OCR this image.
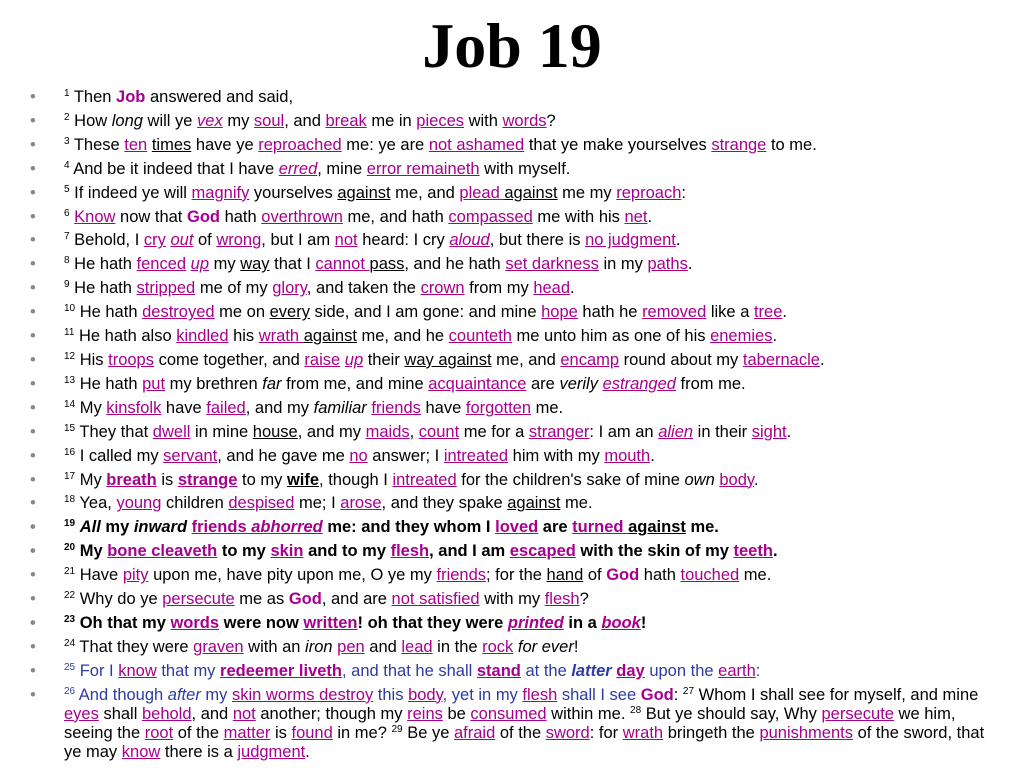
Job 19
•	$^1$ Then Job answered and said,
•	$^2$ How long will ye vex my soul, and break me in pieces with words?
•	$^3$ These ten times have ye reproached me: ye are not ashamed that ye make yourselves strange to me.
•	$^4$ And be it indeed that I have erred, mine error remaineth with myself.
•	$^5$ If indeed ye will magnify yourselves against me, and plead against me my reproach:
•	$^6$ Know now that God hath overthrown me, and hath compassed me with his net.
•	$^7$ Behold, I cry out of wrong, but I am not heard: I cry aloud, but there is no judgment.
•	$^8$ He hath fenced up my way that I cannot pass, and he hath set darkness in my paths.
•	$^9$ He hath stripped me of my glory, and taken the crown from my head.
•	$^{10}$ He hath destroyed me on every side, and I am gone: and mine hope hath he removed like a tree.
•	$^{11}$ He hath also kindled his wrath against me, and he counteth me unto him as one of his enemies.
•	$^{12}$ His troops come together, and raise up their way against me, and encamp round about my tabernacle.
•	$^{13}$ He hath put my brethren far from me, and mine acquaintance are verily estranged from me.
•	$^{14}$ My kinsfolk have failed, and my familiar friends have forgotten me.
•	$^{15}$ They that dwell in mine house, and my maids, count me for a stranger: I am an alien in their sight.
•	$^{16}$ I called my servant, and he gave me no answer; I intreated him with my mouth.
•	$^{17}$ My breath is strange to my wife, though I intreated for the children's sake of mine own body.
•	$^{18}$ Yea, young children despised me; I arose, and they spake against me.
•	$^{19}$ All my inward friends abhorred me: and they whom I loved are turned against me.
•	$^{20}$ My bone cleaveth to my skin and to my flesh, and I am escaped with the skin of my teeth.
•	$^{21}$ Have pity upon me, have pity upon me, O ye my friends; for the hand of God hath touched me.
•	$^{22}$ Why do ye persecute me as God, and are not satisfied with my flesh?
•	$^{23}$ Oh that my words were now written! oh that they were printed in a book!
•	$^{24}$ That they were graven with an iron pen and lead in the rock for ever!
•	$^{25}$ For I know that my redeemer liveth, and that he shall stand at the latter day upon the earth:
•	$^{26}$ And though after my skin worms destroy this body, yet in my flesh shall I see God: $^{27}$ Whom I shall see for myself, and mine eyes shall behold, and not another; though my reins be consumed within me. $^{28}$ But ye should say, Why persecute we him, seeing the root of the matter is found in me? $^{29}$ Be ye afraid of the sword: for wrath bringeth the punishments of the sword, that ye may know there is a judgment.
